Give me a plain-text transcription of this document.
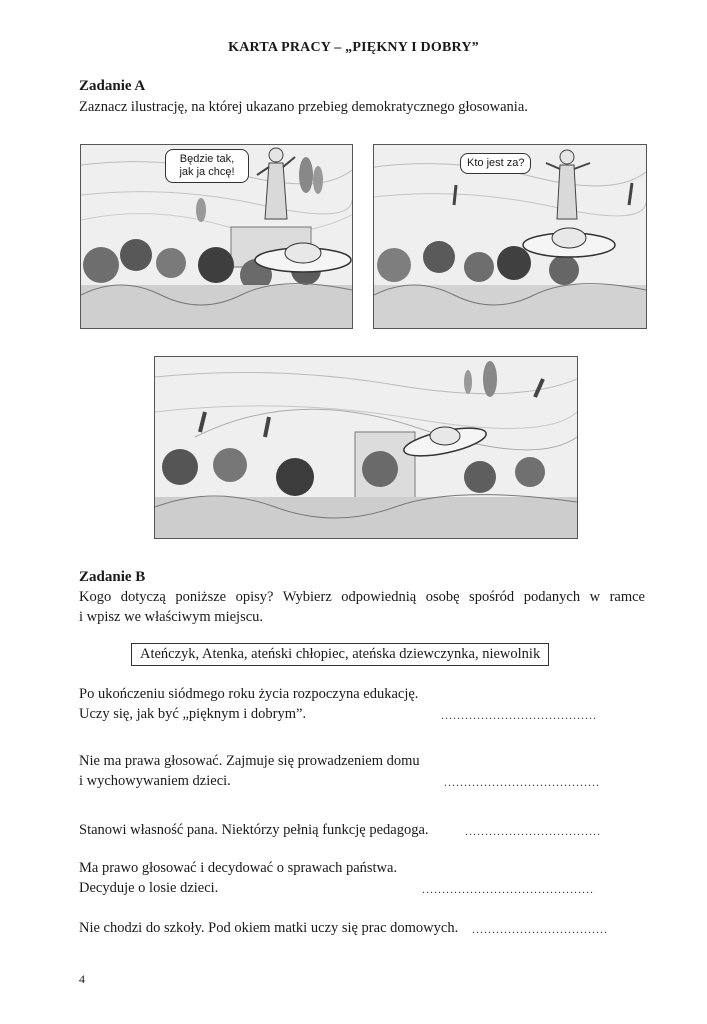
KARTA PRACY – „PIĘKNY I DOBRY”
Zadanie A
Zaznacz ilustrację, na której ukazano przebieg demokratycznego głosowania.
Będzie tak,
jak ja chcę!
Kto jest za?
Zadanie B
Kogo dotyczą poniższe opisy? Wybierz odpowiednią osobę spośród podanych w ramce
i wpisz we właściwym miejscu.
Ateńczyk, Atenka, ateński chłopiec, ateńska dziewczynka, niewolnik
Po ukończeniu siódmego roku życia rozpoczyna edukację.
Uczy się, jak być „pięknym i dobrym”.	.......................................
Nie ma prawa głosować. Zajmuje się prowadzeniem domu
i wychowywaniem dzieci.	.......................................
Stanowi własność pana. Niektórzy pełnią funkcję pedagoga.	..................................
Ma prawo głosować i decydować o sprawach państwa.
Decyduje o losie dzieci.	...........................................
Nie chodzi do szkoły. Pod okiem matki uczy się prac domowych. ..................................
4
